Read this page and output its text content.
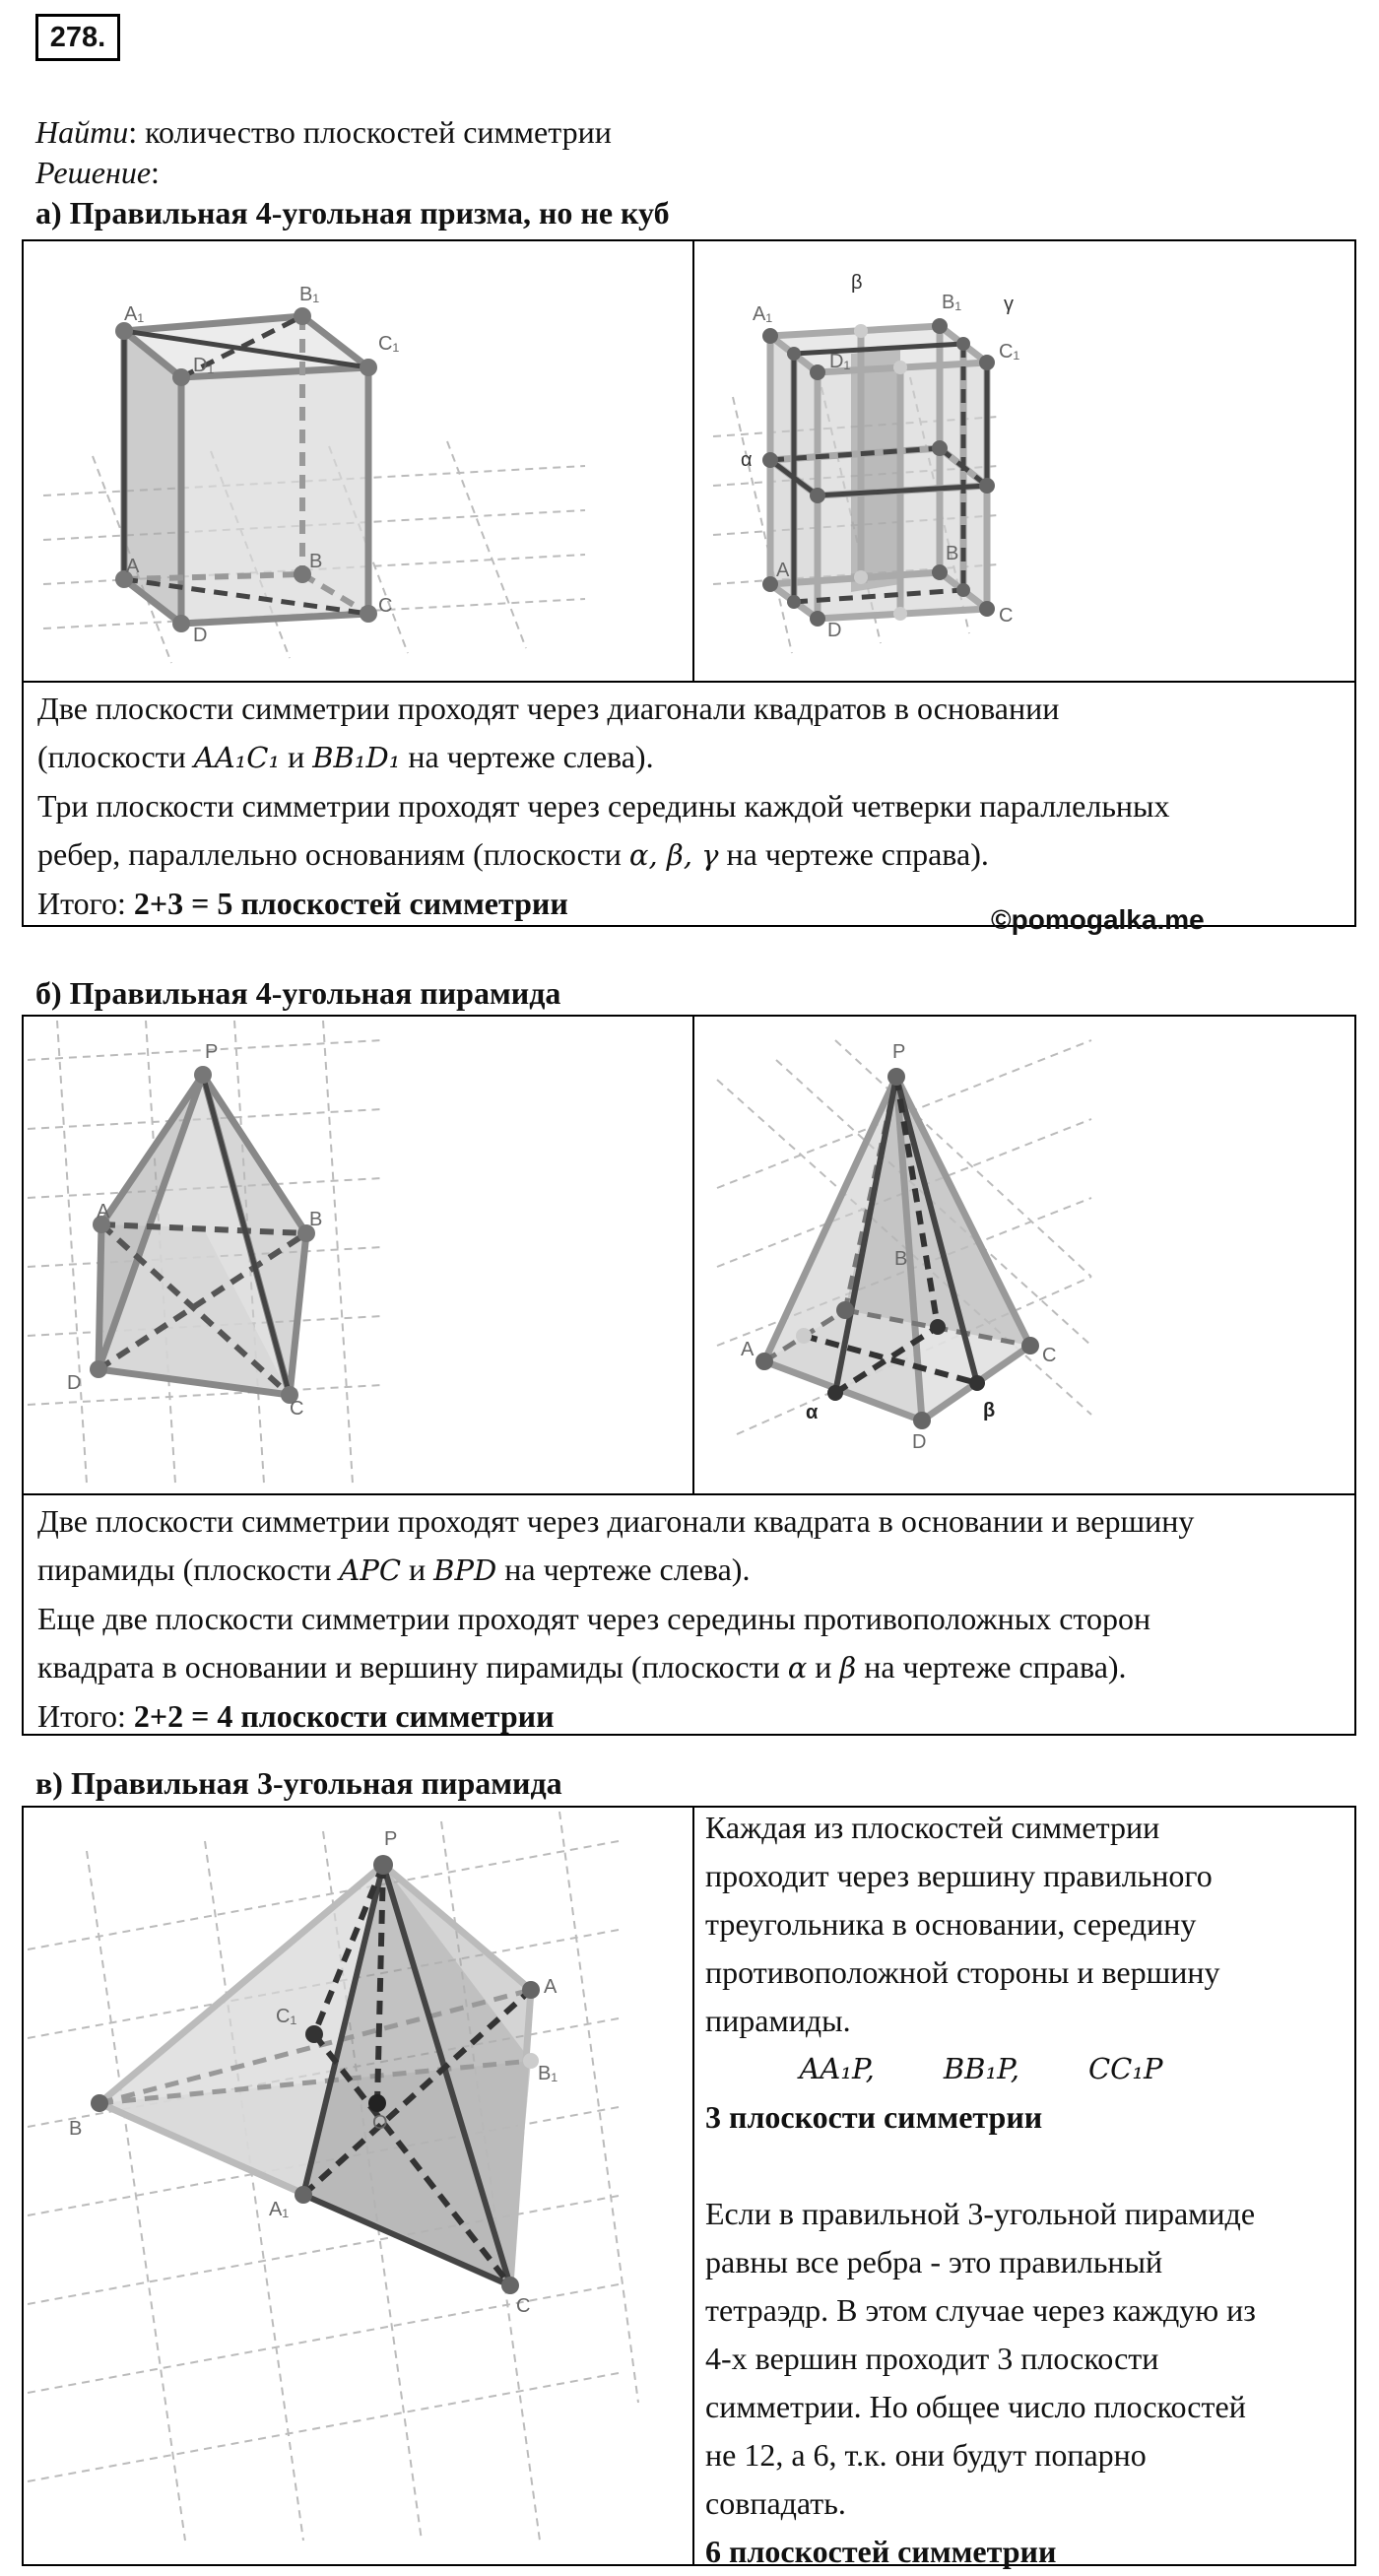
278.
Найти: количество плоскостей симметрии
Решение:
а) Правильная 4-угольная призма, но не куб
A₁
B₁
C₁
D₁
A	B
C
D
A₁
β
B₁ γ
C₁
D₁
α
A
B
D
C

Две плоскости симметрии проходят через диагонали квадратов в основании

(плоскости AA₁C₁ и BB₁D₁ на чертеже слева).

Три плоскости симметрии проходят через середины каждой четверки параллельных

ребер, параллельно основаниям (плоскости α, β, γ на чертеже справа).

Итого: 2+3 = 5 плоскостей симметрии	©pomogalka.me
б) Правильная 4-угольная пирамида
P
A	B
D
C
P
B
A	C
α
D
β

Две плоскости симметрии проходят через диагонали квадрата в основании и вершину

пирамиды (плоскости APC и BPD на чертеже слева).

Еще две плоскости симметрии проходят через середины противоположных сторон

квадрата в основании и вершину пирамиды (плоскости α и β на чертеже справа).

Итого: 2+2 = 4 плоскости симметрии

в) Правильная 3-угольная пирамида
P
A
C₁
B	O
B₁
A₁
C

Каждая из плоскостей симметрии

проходит через вершину правильного

треугольника в основании, середину

противоположной стороны и вершину

пирамиды.

AA₁P, BB₁P, CC₁P

3 плоскости симметрии

Если в правильной 3-угольной пирамиде

равны все ребра - это правильный

тетраэдр. В этом случае через каждую из

4-х вершин проходит 3 плоскости

симметрии. Но общее число плоскостей

не 12, а 6, т.к. они будут попарно

совпадать.

6 плоскостей симметрии
